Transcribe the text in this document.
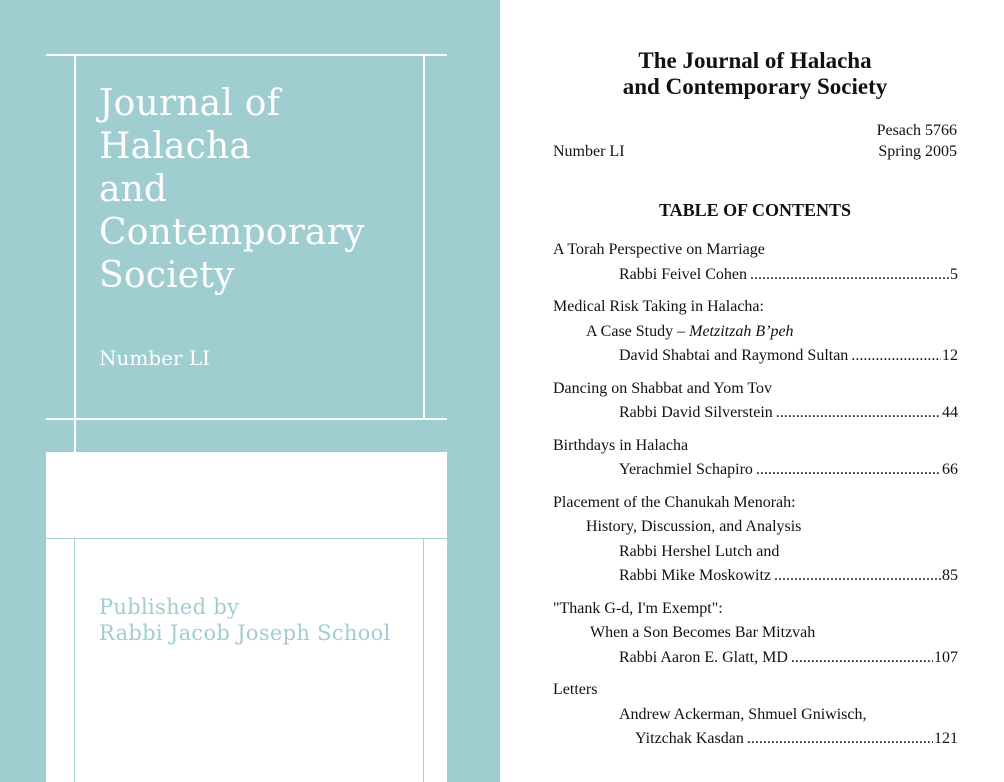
Journal of
Halacha
and
Contemporary
Society
Number LI
Published by
Rabbi Jacob Joseph School
The Journal of Halacha
and Contemporary Society
Pesach 5766
Number LI	Spring 2005
TABLE OF CONTENTS
A Torah Perspective on Marriage
Rabbi Feivel Cohen .....	5
Medical Risk Taking in Halacha:
A Case Study – Metzitzah B’peh
David Shabtai and Raymond Sultan .....	12
Dancing on Shabbat and Yom Tov
Rabbi David Silverstein .....	44
Birthdays in Halacha
Yerachmiel Schapiro .....	66
Placement of the Chanukah Menorah:
History, Discussion, and Analysis
Rabbi Hershel Lutch and
Rabbi Mike Moskowitz .....	85
"Thank G-d, I'm Exempt":
When a Son Becomes Bar Mitzvah
Rabbi Aaron E. Glatt, MD .....	107
Letters
Andrew Ackerman, Shmuel Gniwisch,
Yitzchak Kasdan .....	121
